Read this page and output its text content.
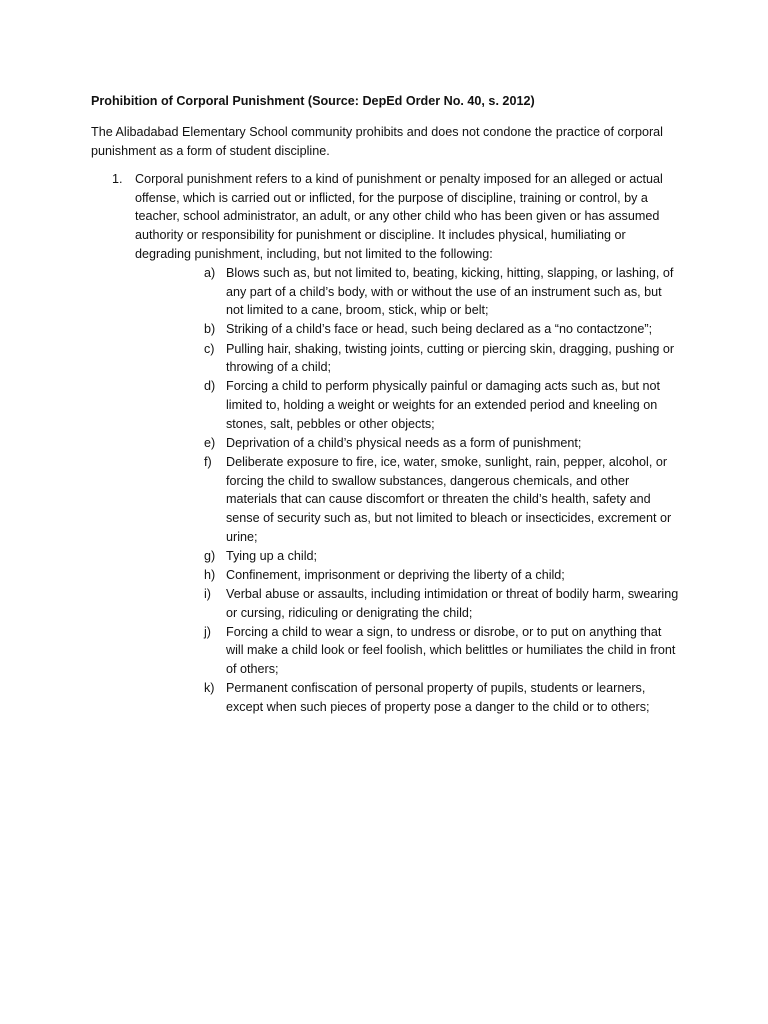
Prohibition of Corporal Punishment (Source: DepEd Order No. 40, s. 2012)
The Alibadabad Elementary School community prohibits and does not condone the practice of corporal punishment as a form of student discipline.
1. Corporal punishment refers to a kind of punishment or penalty imposed for an alleged or actual offense, which is carried out or inflicted, for the purpose of discipline, training or control, by a teacher, school administrator, an adult, or any other child who has been given or has assumed authority or responsibility for punishment or discipline. It includes physical, humiliating or degrading punishment, including, but not limited to the following:
a) Blows such as, but not limited to, beating, kicking, hitting, slapping, or lashing, of any part of a child’s body, with or without the use of an instrument such as, but not limited to a cane, broom, stick, whip or belt;
b) Striking of a child’s face or head, such being declared as a “no contactzone”;
c) Pulling hair, shaking, twisting joints, cutting or piercing skin, dragging, pushing or throwing of a child;
d) Forcing a child to perform physically painful or damaging acts such as, but not limited to, holding a weight or weights for an extended period and kneeling on stones, salt, pebbles or other objects;
e) Deprivation of a child’s physical needs as a form of punishment;
f) Deliberate exposure to fire, ice, water, smoke, sunlight, rain, pepper, alcohol, or forcing the child to swallow substances, dangerous chemicals, and other materials that can cause discomfort or threaten the child’s health, safety and sense of security such as, but not limited to bleach or insecticides, excrement or urine;
g) Tying up a child;
h) Confinement, imprisonment or depriving the liberty of a child;
i) Verbal abuse or assaults, including intimidation or threat of bodily harm, swearing or cursing, ridiculing or denigrating the child;
j) Forcing a child to wear a sign, to undress or disrobe, or to put on anything that will make a child look or feel foolish, which belittles or humiliates the child in front of others;
k) Permanent confiscation of personal property of pupils, students or learners, except when such pieces of property pose a danger to the child or to others;
